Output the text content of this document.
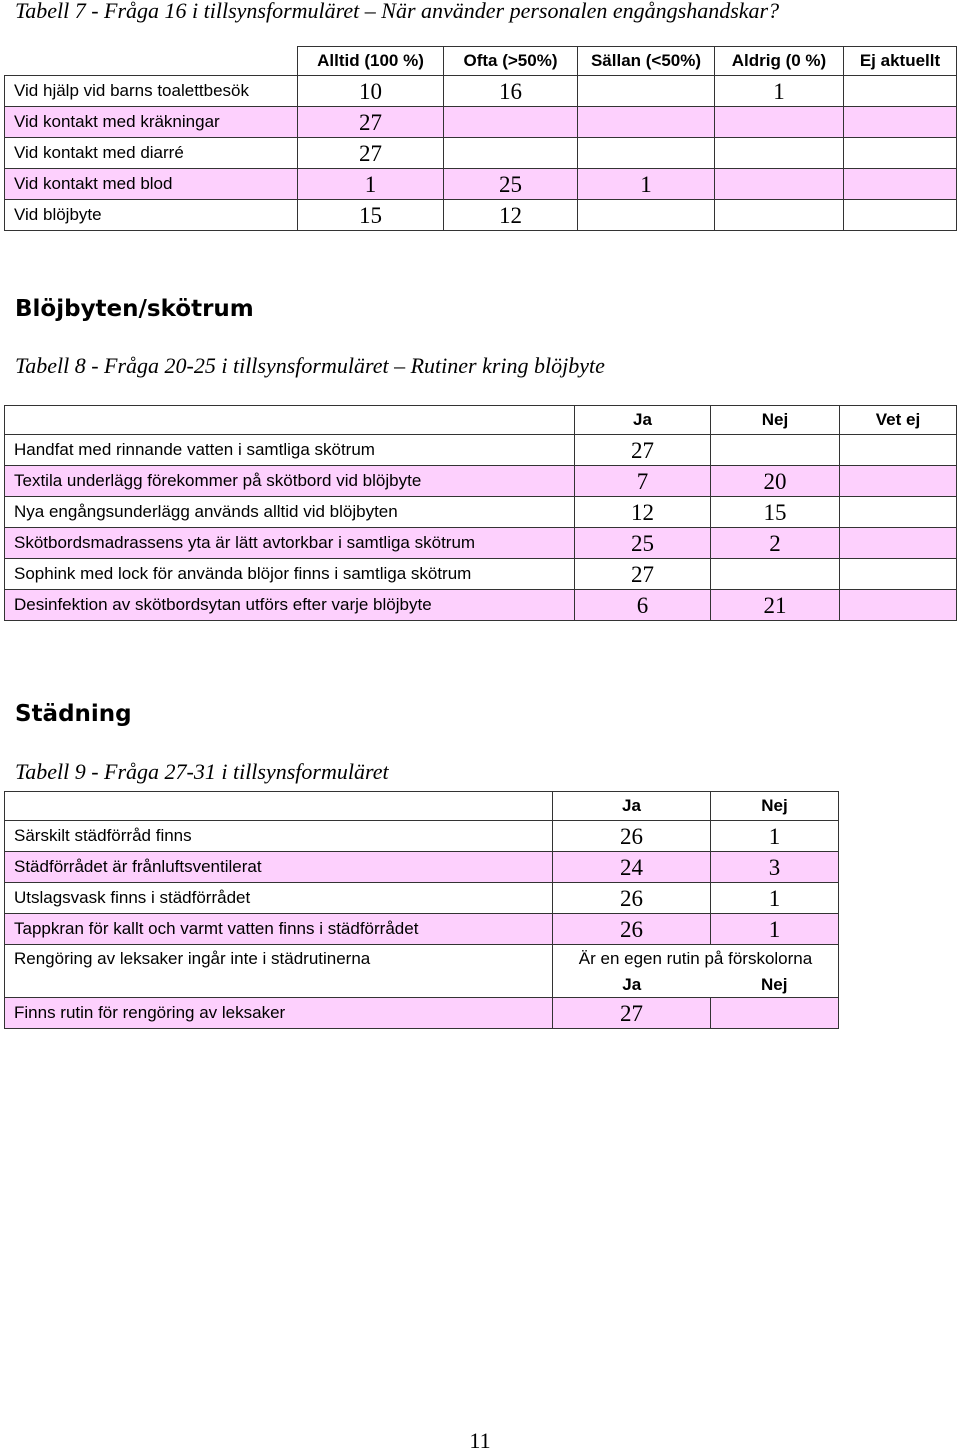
Tabell 7 - Fråga 16 i tillsynsformuläret – När använder personalen engångshandskar?
	Alltid (100 %)	Ofta (>50%)	Sällan (<50%)	Aldrig (0 %)	Ej aktuellt
Vid hjälp vid barns toalettbesök	10	16		1	
Vid kontakt med kräkningar	27				
Vid kontakt med diarré	27				
Vid kontakt med blod	1	25	1		
Vid blöjbyte	15	12			
Blöjbyten/skötrum
Tabell 8 - Fråga 20-25 i tillsynsformuläret – Rutiner kring blöjbyte
	Ja	Nej	Vet ej
Handfat med rinnande vatten i samtliga skötrum	27		
Textila underlägg förekommer på skötbord vid blöjbyte	7	20	
Nya engångsunderlägg används alltid vid blöjbyten	12	15	
Skötbordsmadrassens yta är lätt avtorkbar i samtliga skötrum	25	2	
Sophink med lock för använda blöjor finns i samtliga skötrum	27		
Desinfektion av skötbordsytan utförs efter varje blöjbyte	6	21	
Städning
Tabell 9 - Fråga 27-31 i tillsynsformuläret
	Ja	Nej
Särskilt städförråd finns	26	1
Städförrådet är frånluftsventilerat	24	3
Utslagsvask finns i städförrådet	26	1
Tappkran för kallt och varmt vatten finns i städförrådet	26	1
Rengöring av leksaker ingår inte i städrutinerna	Är en egen rutin på förskolorna	
	Ja	Nej
Finns rutin för rengöring av leksaker	27	
11
